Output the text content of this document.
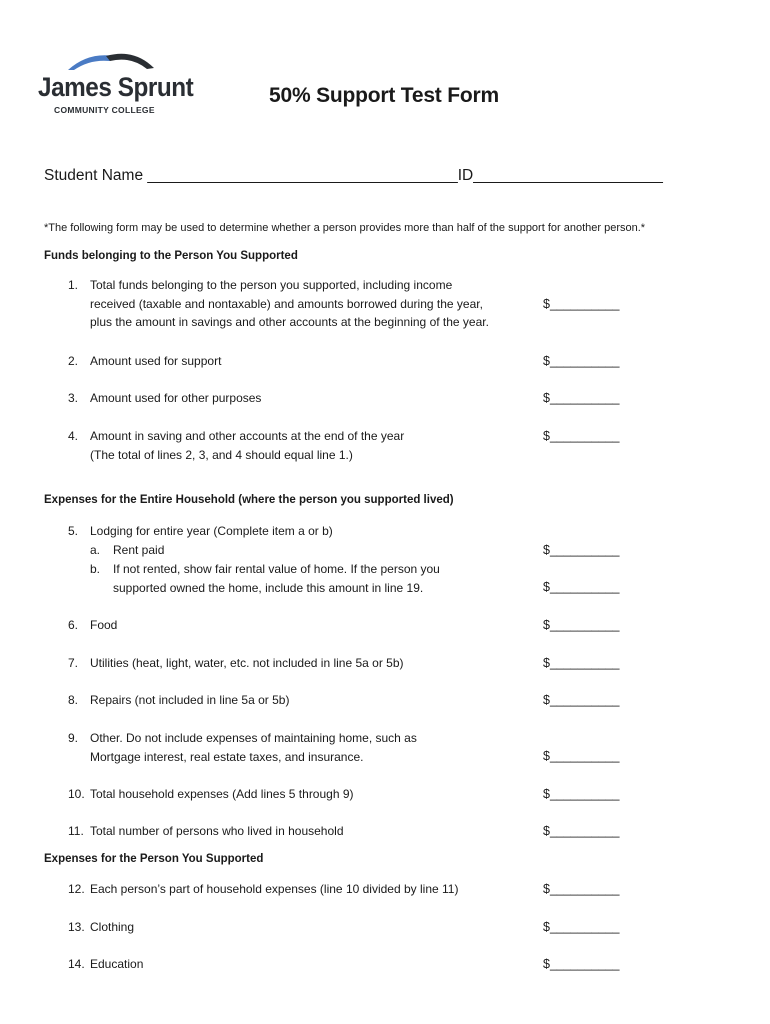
James Sprunt
COMMUNITY COLLEGE
50% Support Test Form
Student Name ____________________________________ID______________________
*The following form may be used to determine whether a person provides more than half of the support for another person.*
Funds belonging to the Person You Supported
1. Total funds belonging to the person you supported, including income
received (taxable and nontaxable) and amounts borrowed during the year,
plus the amount in savings and other accounts at the beginning of the year.
$__________
2. Amount used for support	$__________
3. Amount used for other purposes	$__________
4. Amount in saving and other accounts at the end of the year
(The total of lines 2, 3, and 4 should equal line 1.)
$__________
Expenses for the Entire Household (where the person you supported lived)
5. Lodging for entire year (Complete item a or b)
a. Rent paid	$__________
b. If not rented, show fair rental value of home. If the person you
supported owned the home, include this amount in line 19.	$__________
6. Food	$__________
7. Utilities (heat, light, water, etc. not included in line 5a or 5b)	$__________
8. Repairs (not included in line 5a or 5b)	$__________
9. Other. Do not include expenses of maintaining home, such as
Mortgage interest, real estate taxes, and insurance.	$__________
10. Total household expenses (Add lines 5 through 9)	$__________
11. Total number of persons who lived in household	$__________
Expenses for the Person You Supported
12. Each person’s part of household expenses (line 10 divided by line 11)	$__________
13. Clothing	$__________
14. Education	$__________
